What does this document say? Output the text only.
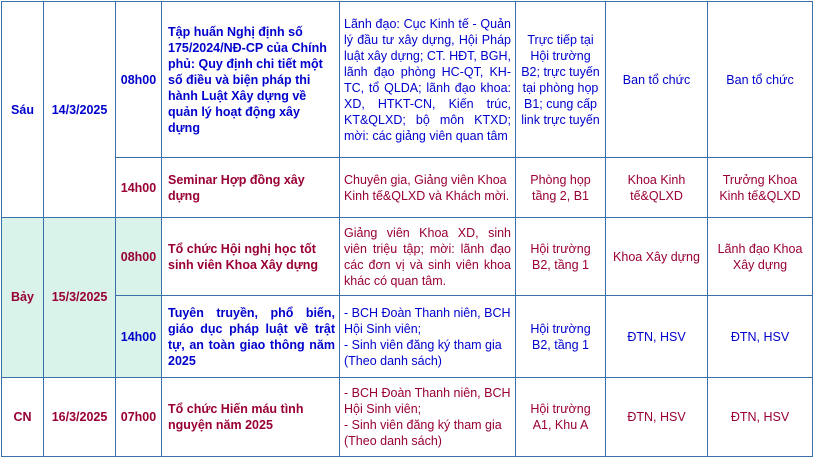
Sáu	14/3/2025	08h00	Tập huấn Nghị định số 175/2024/NĐ-CP của Chính phủ: Quy định chi tiết một số điều và biện pháp thi hành Luật Xây dựng về quản lý hoạt động xây dựng	Lãnh đạo: Cục Kinh tế - Quản lý đầu tư xây dựng, Hội Pháp luật xây dựng; CT. HĐT, BGH, lãnh đạo phòng HC-QT, KH-TC, tổ QLDA; lãnh đạo khoa: XD, HTKT-CN, Kiến trúc, KT&QLXD; bộ môn KTXD; mời: các giảng viên quan tâm	Trực tiếp tại Hội trường B2; trực tuyến tại phòng họp B1; cung cấp link trực tuyến	Ban tổ chức	Ban tổ chức
		14h00	Seminar Hợp đồng xây dựng	Chuyên gia, Giảng viên Khoa Kinh tế&QLXD và Khách mời.	Phòng họp tầng 2, B1	Khoa Kinh tế&QLXD	Trưởng Khoa Kinh tế&QLXD
Bảy	15/3/2025	08h00	Tổ chức Hội nghị học tốt sinh viên Khoa Xây dựng	Giảng viên Khoa XD, sinh viên triệu tập; mời: lãnh đạo các đơn vị và sinh viên khoa khác có quan tâm.	Hội trường B2, tầng 1	Khoa Xây dựng	Lãnh đạo Khoa Xây dựng
		14h00	Tuyên truyền, phổ biến, giáo dục pháp luật về trật tự, an toàn giao thông năm 2025	- BCH Đoàn Thanh niên, BCH Hội Sinh viên;
- Sinh viên đăng ký tham gia (Theo danh sách)	Hội trường B2, tầng 1	ĐTN, HSV	ĐTN, HSV
CN	16/3/2025	07h00	Tổ chức Hiến máu tình nguyện năm 2025	- BCH Đoàn Thanh niên, BCH Hội Sinh viên;
- Sinh viên đăng ký tham gia (Theo danh sách)	Hội trường A1, Khu A	ĐTN, HSV	ĐTN, HSV
